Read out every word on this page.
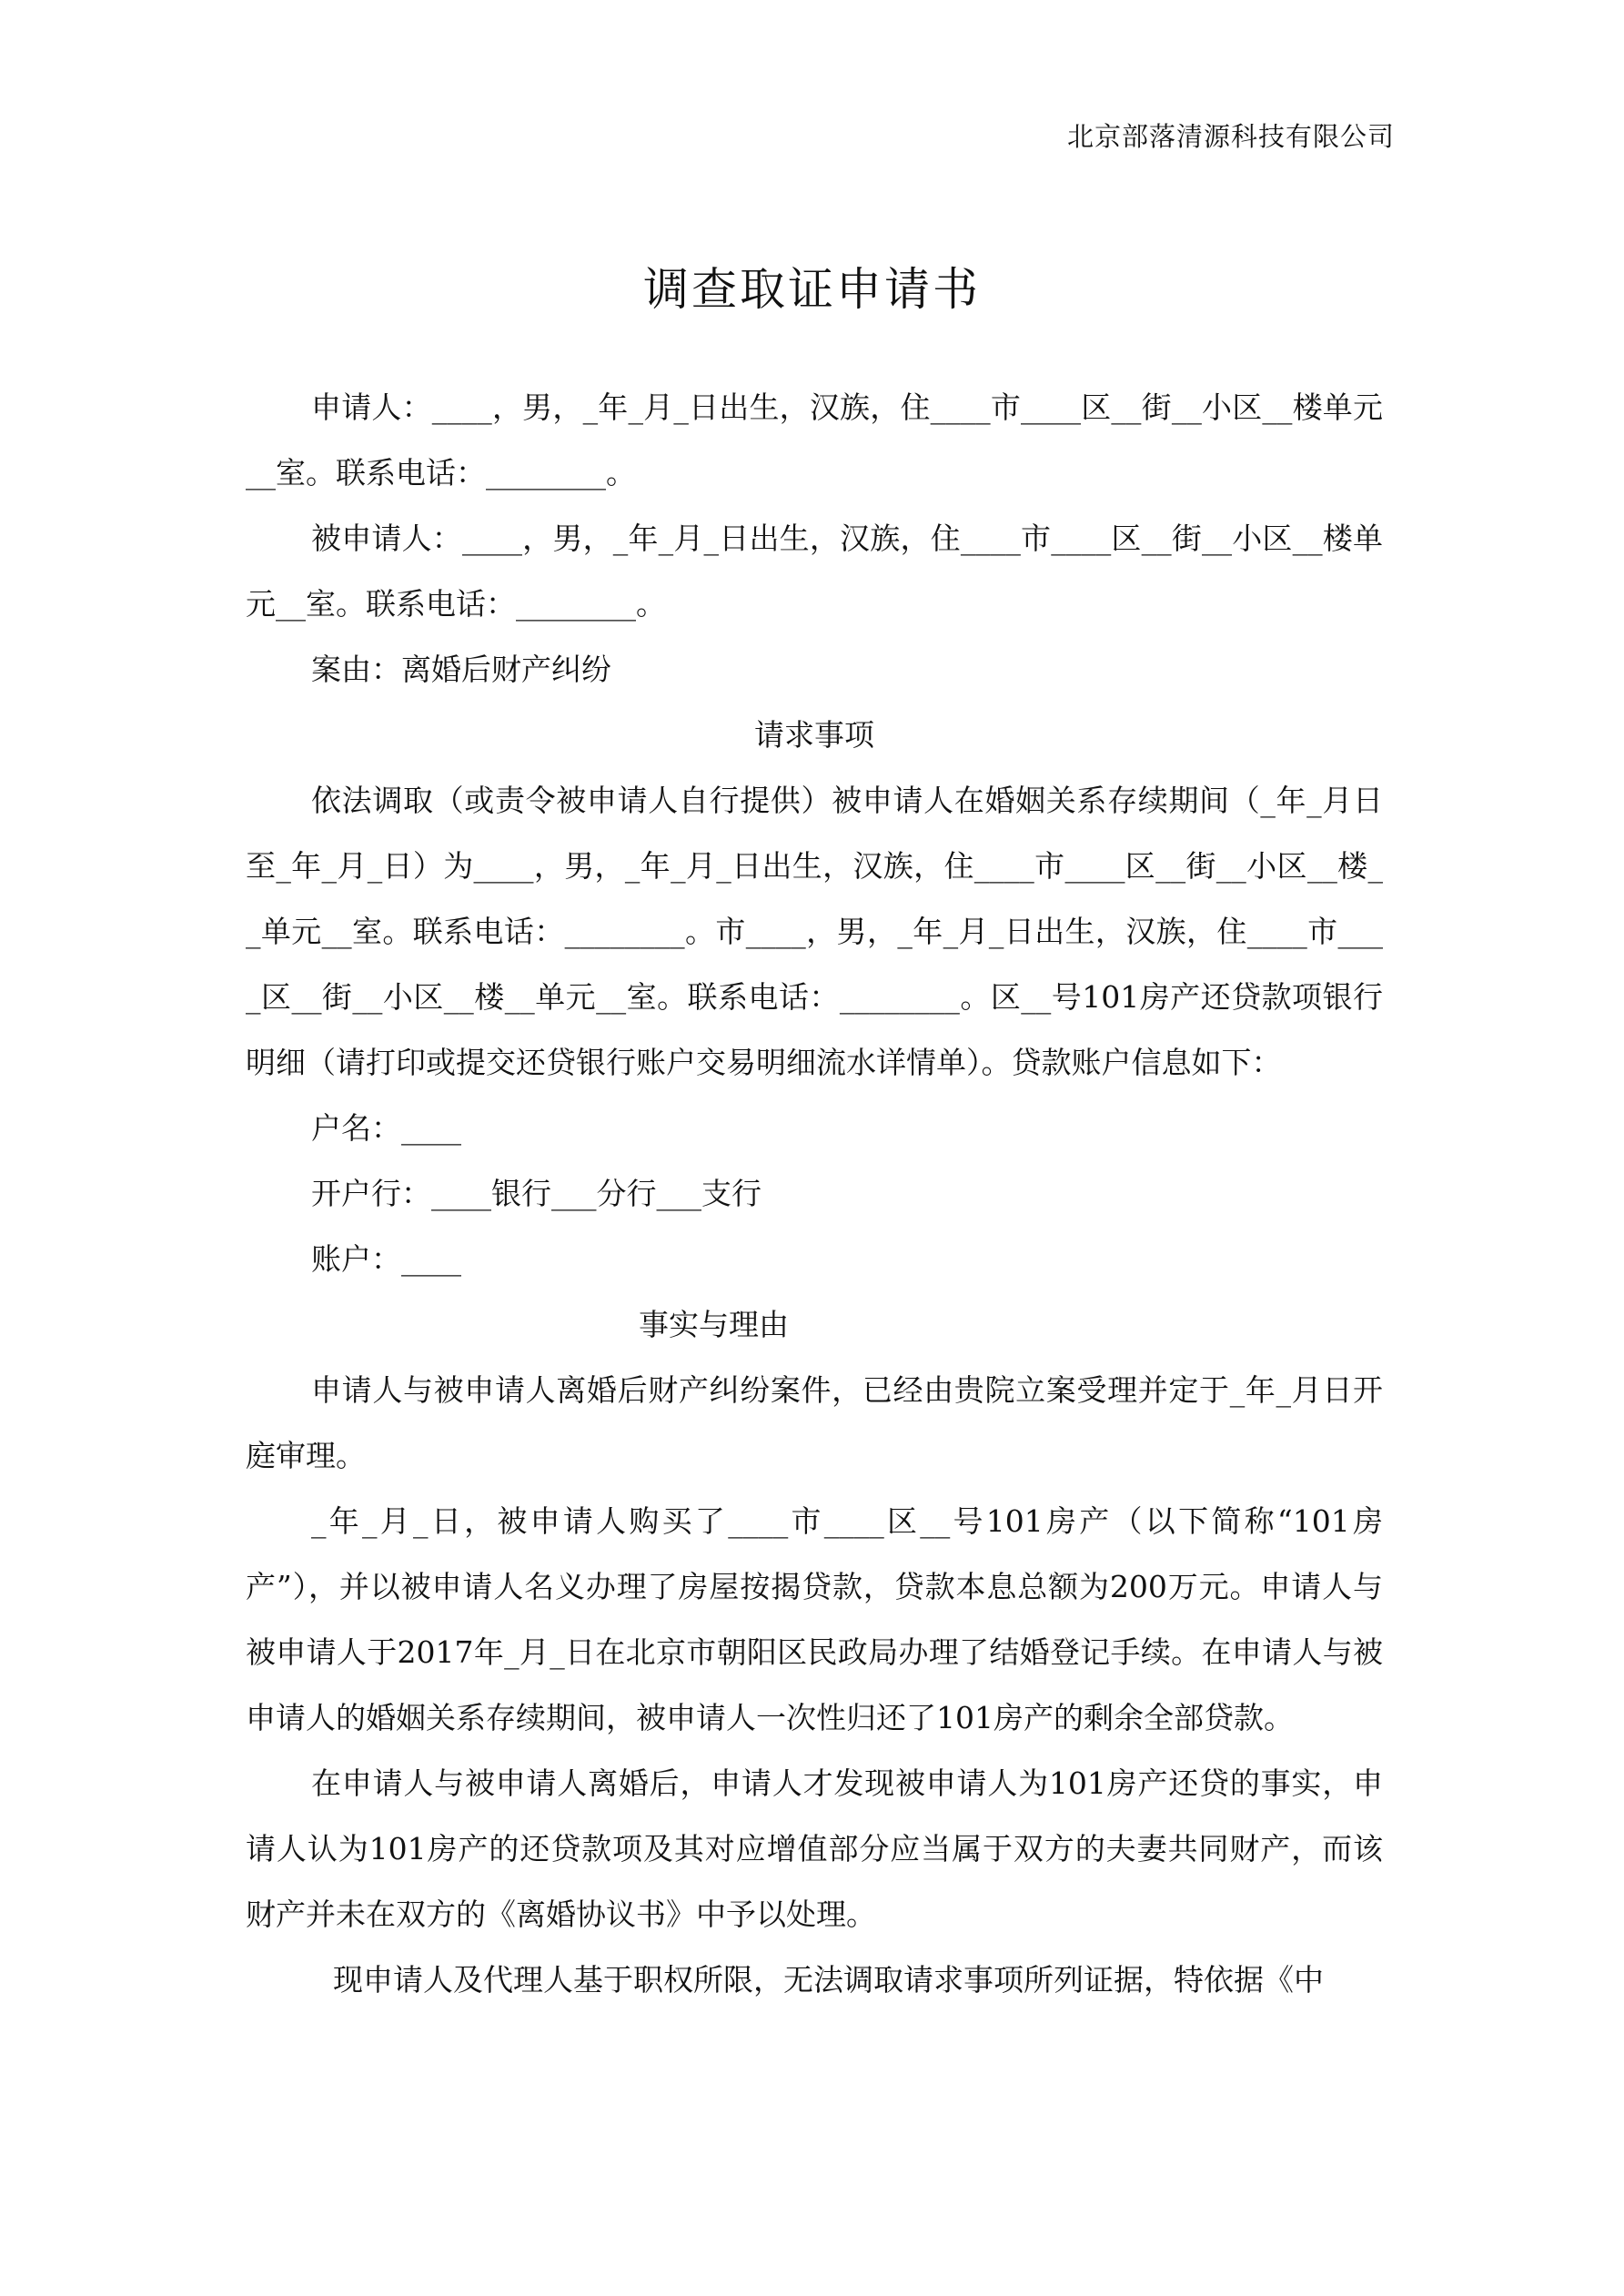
北京部落清源科技有限公司
调查取证申请书

申请人：____，男，_年_月_日出生，汉族，住____市____区__街__小区__楼单元__室。联系电话：________。

被申请人：____，男，_年_月_日出生，汉族，住____市____区__街__小区__楼单元__室。联系电话：________。

案由：离婚后财产纠纷

请求事项

依法调取（或责令被申请人自行提供）被申请人在婚姻关系存续期间（_年_月日至_年_月_日）为____，男，_年_月_日出生，汉族，住____市____区__街__小区__楼__单元__室。联系电话：________。市____，男，_年_月_日出生，汉族，住____市____区__街__小区__楼__单元__室。联系电话：________。区__号101房产还贷款项银行明细（请打印或提交还贷银行账户交易明细流水详情单）。贷款账户信息如下：

户名：____

开户行：____银行___分行___支行

账户：____

事实与理由

申请人与被申请人离婚后财产纠纷案件，已经由贵院立案受理并定于_年_月日开庭审理。

_年_月_日，被申请人购买了____市____区__号101房产（以下简称“101房产”），并以被申请人名义办理了房屋按揭贷款，贷款本息总额为200万元。申请人与被申请人于2017年_月_日在北京市朝阳区民政局办理了结婚登记手续。在申请人与被申请人的婚姻关系存续期间，被申请人一次性归还了101房产的剩余全部贷款。

在申请人与被申请人离婚后，申请人才发现被申请人为101房产还贷的事实，申请人认为101房产的还贷款项及其对应增值部分应当属于双方的夫妻共同财产，而该财产并未在双方的《离婚协议书》中予以处理。

现申请人及代理人基于职权所限，无法调取请求事项所列证据，特依据《中
